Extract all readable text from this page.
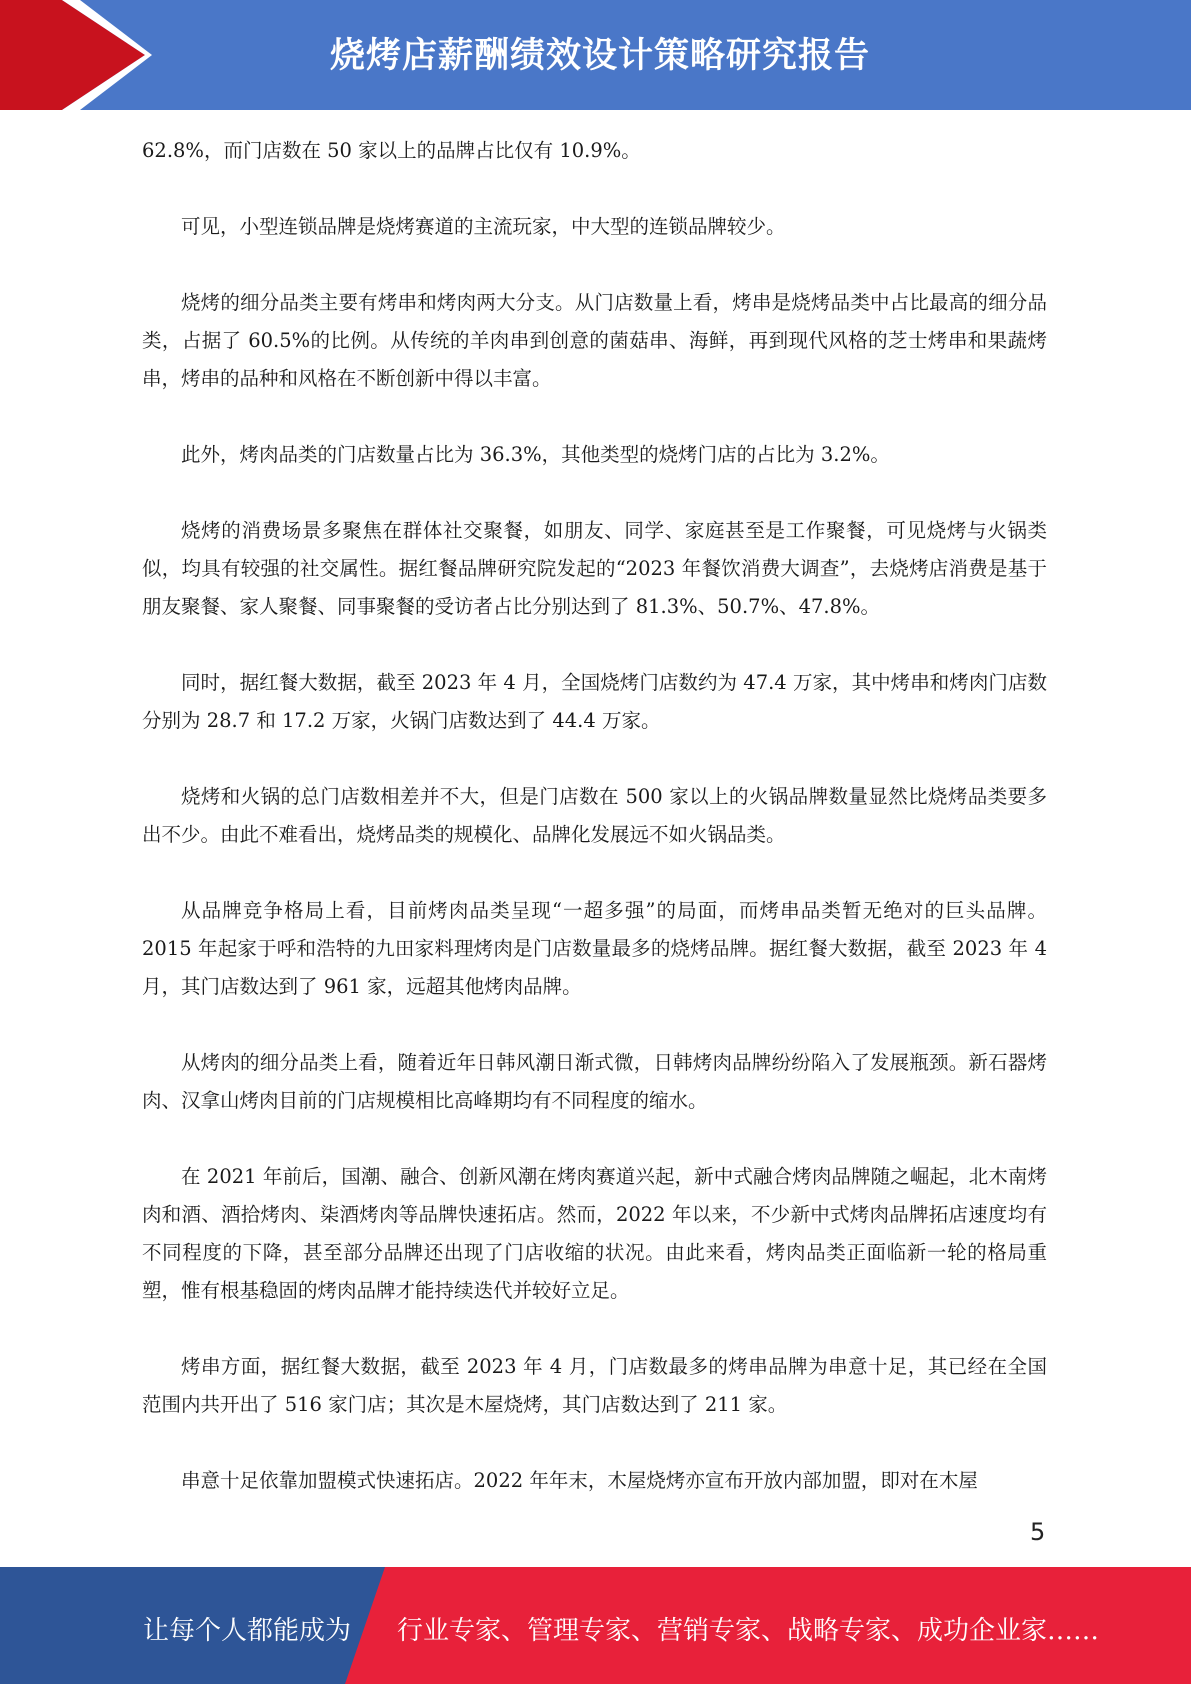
烧烤店薪酬绩效设计策略研究报告

62.8%，而门店数在 50 家以上的品牌占比仅有 10.9%。

可见，小型连锁品牌是烧烤赛道的主流玩家，中大型的连锁品牌较少。

烧烤的细分品类主要有烤串和烤肉两大分支。从门店数量上看，烤串是烧烤品类中占比最高的细分品类，占据了 60.5%的比例。从传统的羊肉串到创意的菌菇串、海鲜，再到现代风格的芝士烤串和果蔬烤串，烤串的品种和风格在不断创新中得以丰富。

此外，烤肉品类的门店数量占比为 36.3%，其他类型的烧烤门店的占比为 3.2%。

烧烤的消费场景多聚焦在群体社交聚餐，如朋友、同学、家庭甚至是工作聚餐，可见烧烤与火锅类似，均具有较强的社交属性。据红餐品牌研究院发起的“2023 年餐饮消费大调查”，去烧烤店消费是基于朋友聚餐、家人聚餐、同事聚餐的受访者占比分别达到了 81.3%、50.7%、47.8%。

同时，据红餐大数据，截至 2023 年 4 月，全国烧烤门店数约为 47.4 万家，其中烤串和烤肉门店数分别为 28.7 和 17.2 万家，火锅门店数达到了 44.4 万家。

烧烤和火锅的总门店数相差并不大，但是门店数在 500 家以上的火锅品牌数量显然比烧烤品类要多出不少。由此不难看出，烧烤品类的规模化、品牌化发展远不如火锅品类。

从品牌竞争格局上看，目前烤肉品类呈现“一超多强”的局面，而烤串品类暂无绝对的巨头品牌。2015 年起家于呼和浩特的九田家料理烤肉是门店数量最多的烧烤品牌。据红餐大数据，截至 2023 年 4 月，其门店数达到了 961 家，远超其他烤肉品牌。

从烤肉的细分品类上看，随着近年日韩风潮日渐式微，日韩烤肉品牌纷纷陷入了发展瓶颈。新石器烤肉、汉拿山烤肉目前的门店规模相比高峰期均有不同程度的缩水。

在 2021 年前后，国潮、融合、创新风潮在烤肉赛道兴起，新中式融合烤肉品牌随之崛起，北木南烤肉和酒、酒拾烤肉、柒酒烤肉等品牌快速拓店。然而，2022 年以来，不少新中式烤肉品牌拓店速度均有不同程度的下降，甚至部分品牌还出现了门店收缩的状况。由此来看，烤肉品类正面临新一轮的格局重塑，惟有根基稳固的烤肉品牌才能持续迭代并较好立足。

烤串方面，据红餐大数据，截至 2023 年 4 月，门店数最多的烤串品牌为串意十足，其已经在全国范围内共开出了 516 家门店；其次是木屋烧烤，其门店数达到了 211 家。

串意十足依靠加盟模式快速拓店。2022 年年末，木屋烧烤亦宣布开放内部加盟，即对在木屋

5
让每个人都能成为 行业专家、管理专家、营销专家、战略专家、成功企业家……
